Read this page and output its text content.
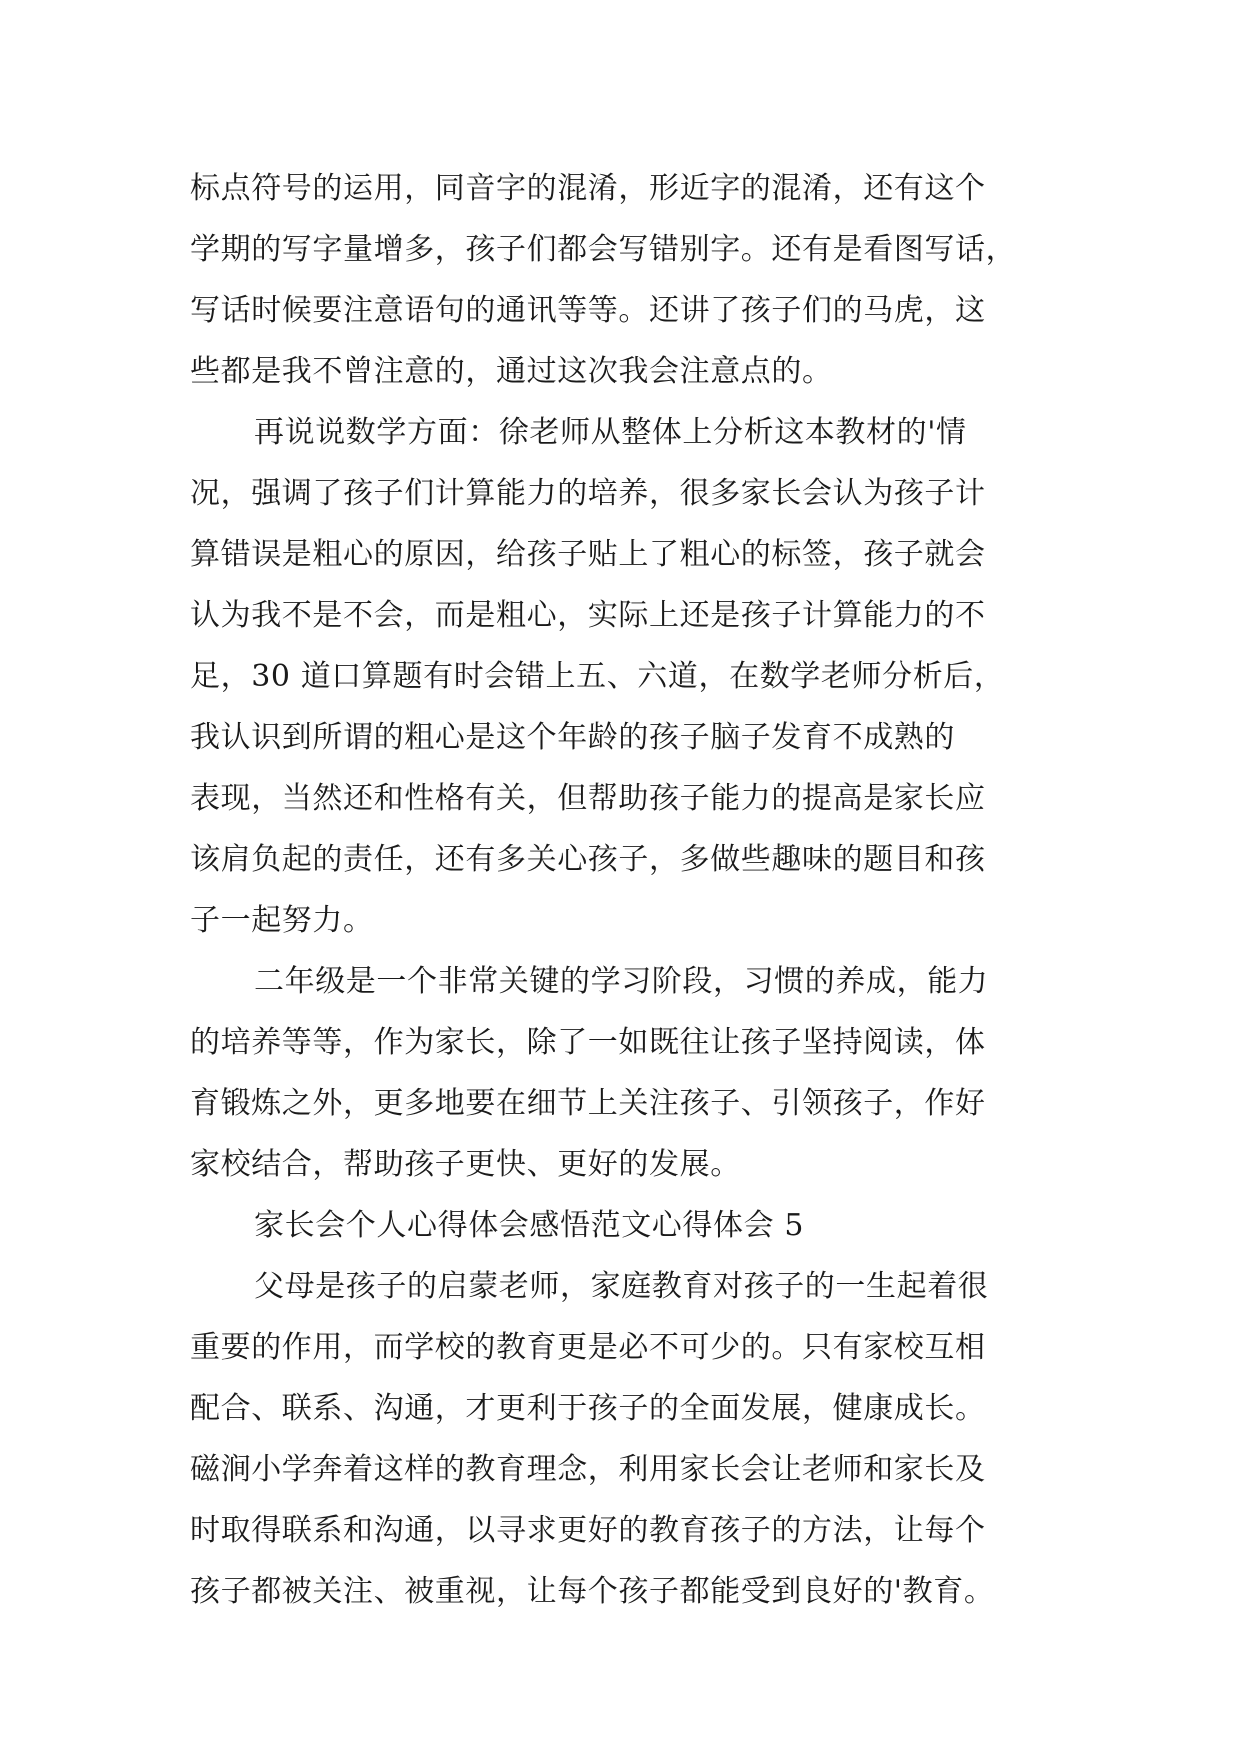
标点符号的运用，同音字的混淆，形近字的混淆，还有这个
学期的写字量增多，孩子们都会写错别字。还有是看图写话，
写话时候要注意语句的通讯等等。还讲了孩子们的马虎，这
些都是我不曾注意的，通过这次我会注意点的。
再说说数学方面：徐老师从整体上分析这本教材的'情
况，强调了孩子们计算能力的培养，很多家长会认为孩子计
算错误是粗心的原因，给孩子贴上了粗心的标签，孩子就会
认为我不是不会，而是粗心，实际上还是孩子计算能力的不
足，30 道口算题有时会错上五、六道，在数学老师分析后，
我认识到所谓的粗心是这个年龄的孩子脑子发育不成熟的
表现，当然还和性格有关，但帮助孩子能力的提高是家长应
该肩负起的责任，还有多关心孩子，多做些趣味的题目和孩
子一起努力。
二年级是一个非常关键的学习阶段，习惯的养成，能力
的培养等等，作为家长，除了一如既往让孩子坚持阅读，体
育锻炼之外，更多地要在细节上关注孩子、引领孩子，作好
家校结合，帮助孩子更快、更好的发展。
家长会个人心得体会感悟范文心得体会 5
父母是孩子的启蒙老师，家庭教育对孩子的一生起着很
重要的作用，而学校的教育更是必不可少的。只有家校互相
配合、联系、沟通，才更利于孩子的全面发展，健康成长。
磁涧小学奔着这样的教育理念，利用家长会让老师和家长及
时取得联系和沟通，以寻求更好的教育孩子的方法，让每个
孩子都被关注、被重视，让每个孩子都能受到良好的'教育。
